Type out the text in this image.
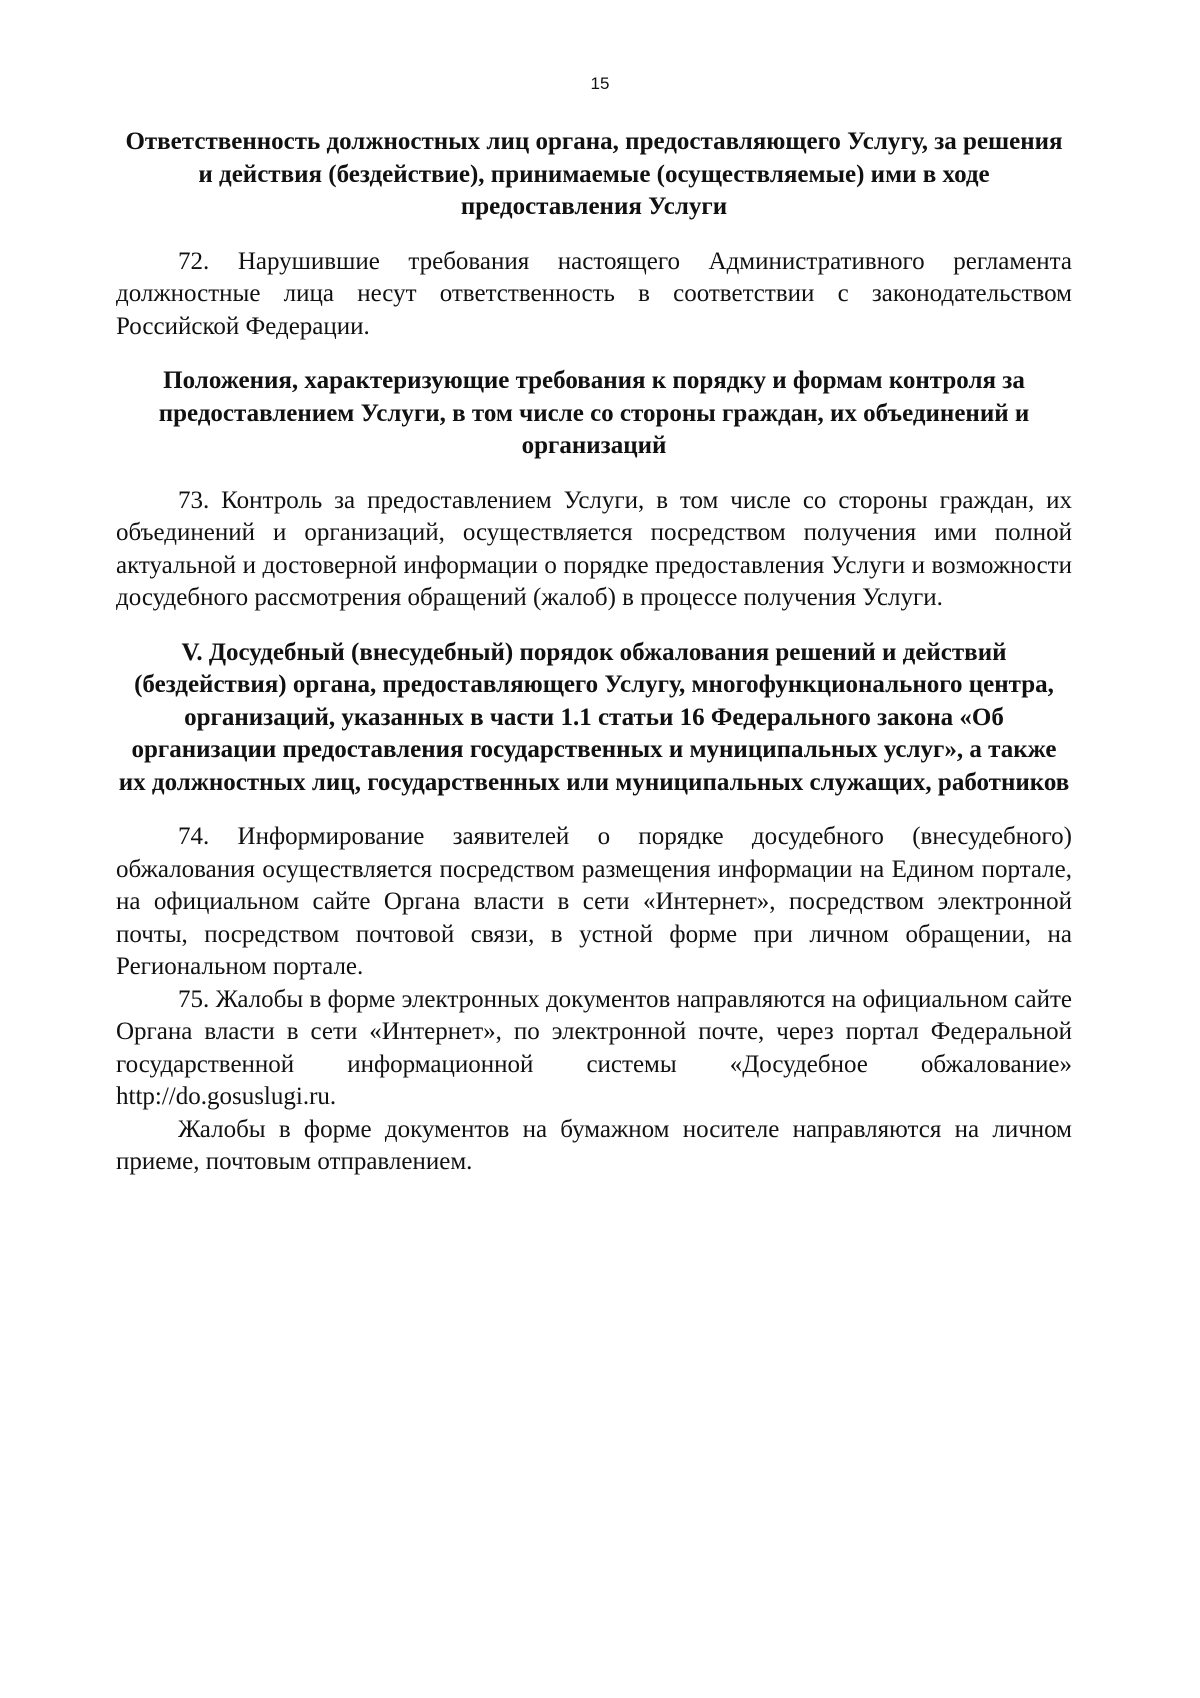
15

Ответственность должностных лиц органа, предоставляющего Услугу, за решения и действия (бездействие), принимаемые (осуществляемые) ими в ходе предоставления Услуги

72. Нарушившие требования настоящего Административного регламента должностные лица несут ответственность в соответствии с законодательством Российской Федерации.

Положения, характеризующие требования к порядку и формам контроля за предоставлением Услуги, в том числе со стороны граждан, их объединений и организаций

73. Контроль за предоставлением Услуги, в том числе со стороны граждан, их объединений и организаций, осуществляется посредством получения ими полной актуальной и достоверной информации о порядке предоставления Услуги и возможности досудебного рассмотрения обращений (жалоб) в процессе получения Услуги.

V. Досудебный (внесудебный) порядок обжалования решений и действий (бездействия) органа, предоставляющего Услугу, многофункционального центра, организаций, указанных в части 1.1 статьи 16 Федерального закона «Об организации предоставления государственных и муниципальных услуг», а также их должностных лиц, государственных или муниципальных служащих, работников

74. Информирование заявителей о порядке досудебного (внесудебного) обжалования осуществляется посредством размещения информации на Едином портале, на официальном сайте Органа власти в сети «Интернет», посредством электронной почты, посредством почтовой связи, в устной форме при личном обращении, на Региональном портале.

75. Жалобы в форме электронных документов направляются на официальном сайте Органа власти в сети «Интернет», по электронной почте, через портал Федеральной государственной информационной системы «Досудебное обжалование» http://do.gosuslugi.ru.

Жалобы в форме документов на бумажном носителе направляются на личном приеме, почтовым отправлением.
